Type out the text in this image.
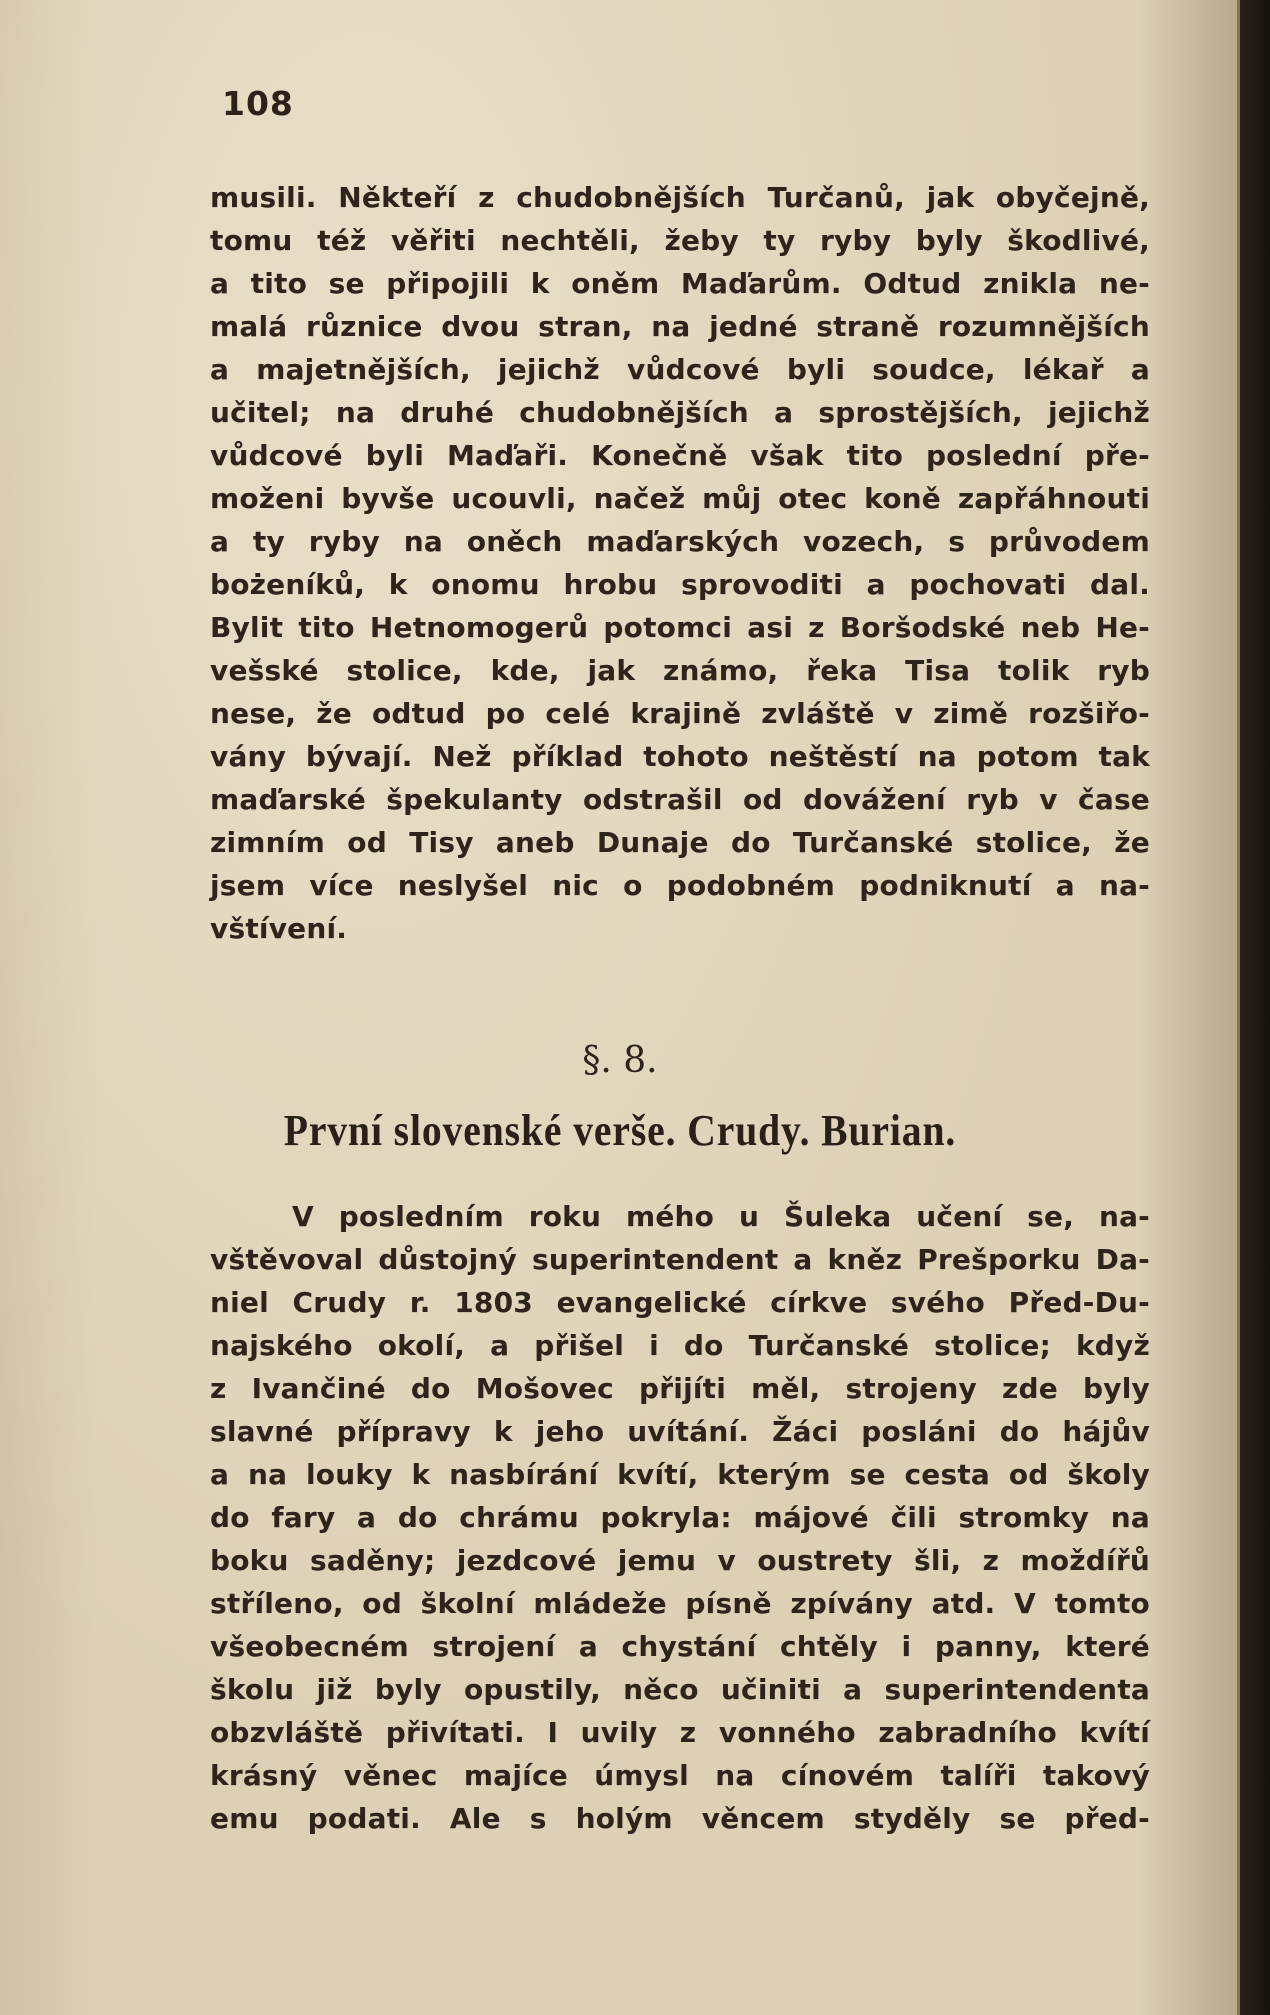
108
musili. Někteří z chudobnějších Turčanů, jak obyčejně,
tomu též věřiti nechtěli, žeby ty ryby byly škodlivé,
a tito se připojili k oněm Maďarům. Odtud znikla ne-
malá různice dvou stran, na jedné straně rozumnějších
a majetnějších, jejichž vůdcové byli soudce, lékař a
učitel; na druhé chudobnějších a sprostějších, jejichž
vůdcové byli Maďaři. Konečně však tito poslední pře-
moženi byvše ucouvli, načež můj otec koně zapřáhnouti
a ty ryby na oněch maďarských vozech, s průvodem
bożeníků, k onomu hrobu sprovoditi a pochovati dal.
Bylit tito Hetnomogerů potomci asi z Boršodské neb He-
vešské stolice, kde, jak známo, řeka Tisa tolik ryb
nese, že odtud po celé krajině zvláště v zimě rozšiřo-
vány bývají. Než příklad tohoto neštěstí na potom tak
maďarské špekulanty odstrašil od dovážení ryb v čase
zimním od Tisy aneb Dunaje do Turčanské stolice, že
jsem více neslyšel nic o podobném podniknutí a na-
vštívení.
§. 8.
První slovenské verše. Crudy. Burian.
V posledním roku mého u Šuleka učení se, na-
vštěvoval důstojný superintendent a kněz Prešporku Da-
niel Crudy r. 1803 evangelické církve svého Před-Du-
najského okolí, a přišel i do Turčanské stolice; když
z Ivančiné do Mošovec přijíti měl, strojeny zde byly
slavné přípravy k jeho uvítání. Žáci posláni do hájův
a na louky k nasbírání kvítí, kterým se cesta od školy
do fary a do chrámu pokryla: májové čili stromky na
boku saděny; jezdcové jemu v oustrety šli, z moždířů
stříleno, od školní mládeže písně zpívány atd. V tomto
všeobecném strojení a chystání chtěly i panny, které
školu již byly opustily, něco učiniti a superintendenta
obzvláště přivítati. I uvily z vonného zabradního kvítí
krásný věnec majíce úmysl na cínovém talíři takový
emu podati. Ale s holým věncem styděly se před-
